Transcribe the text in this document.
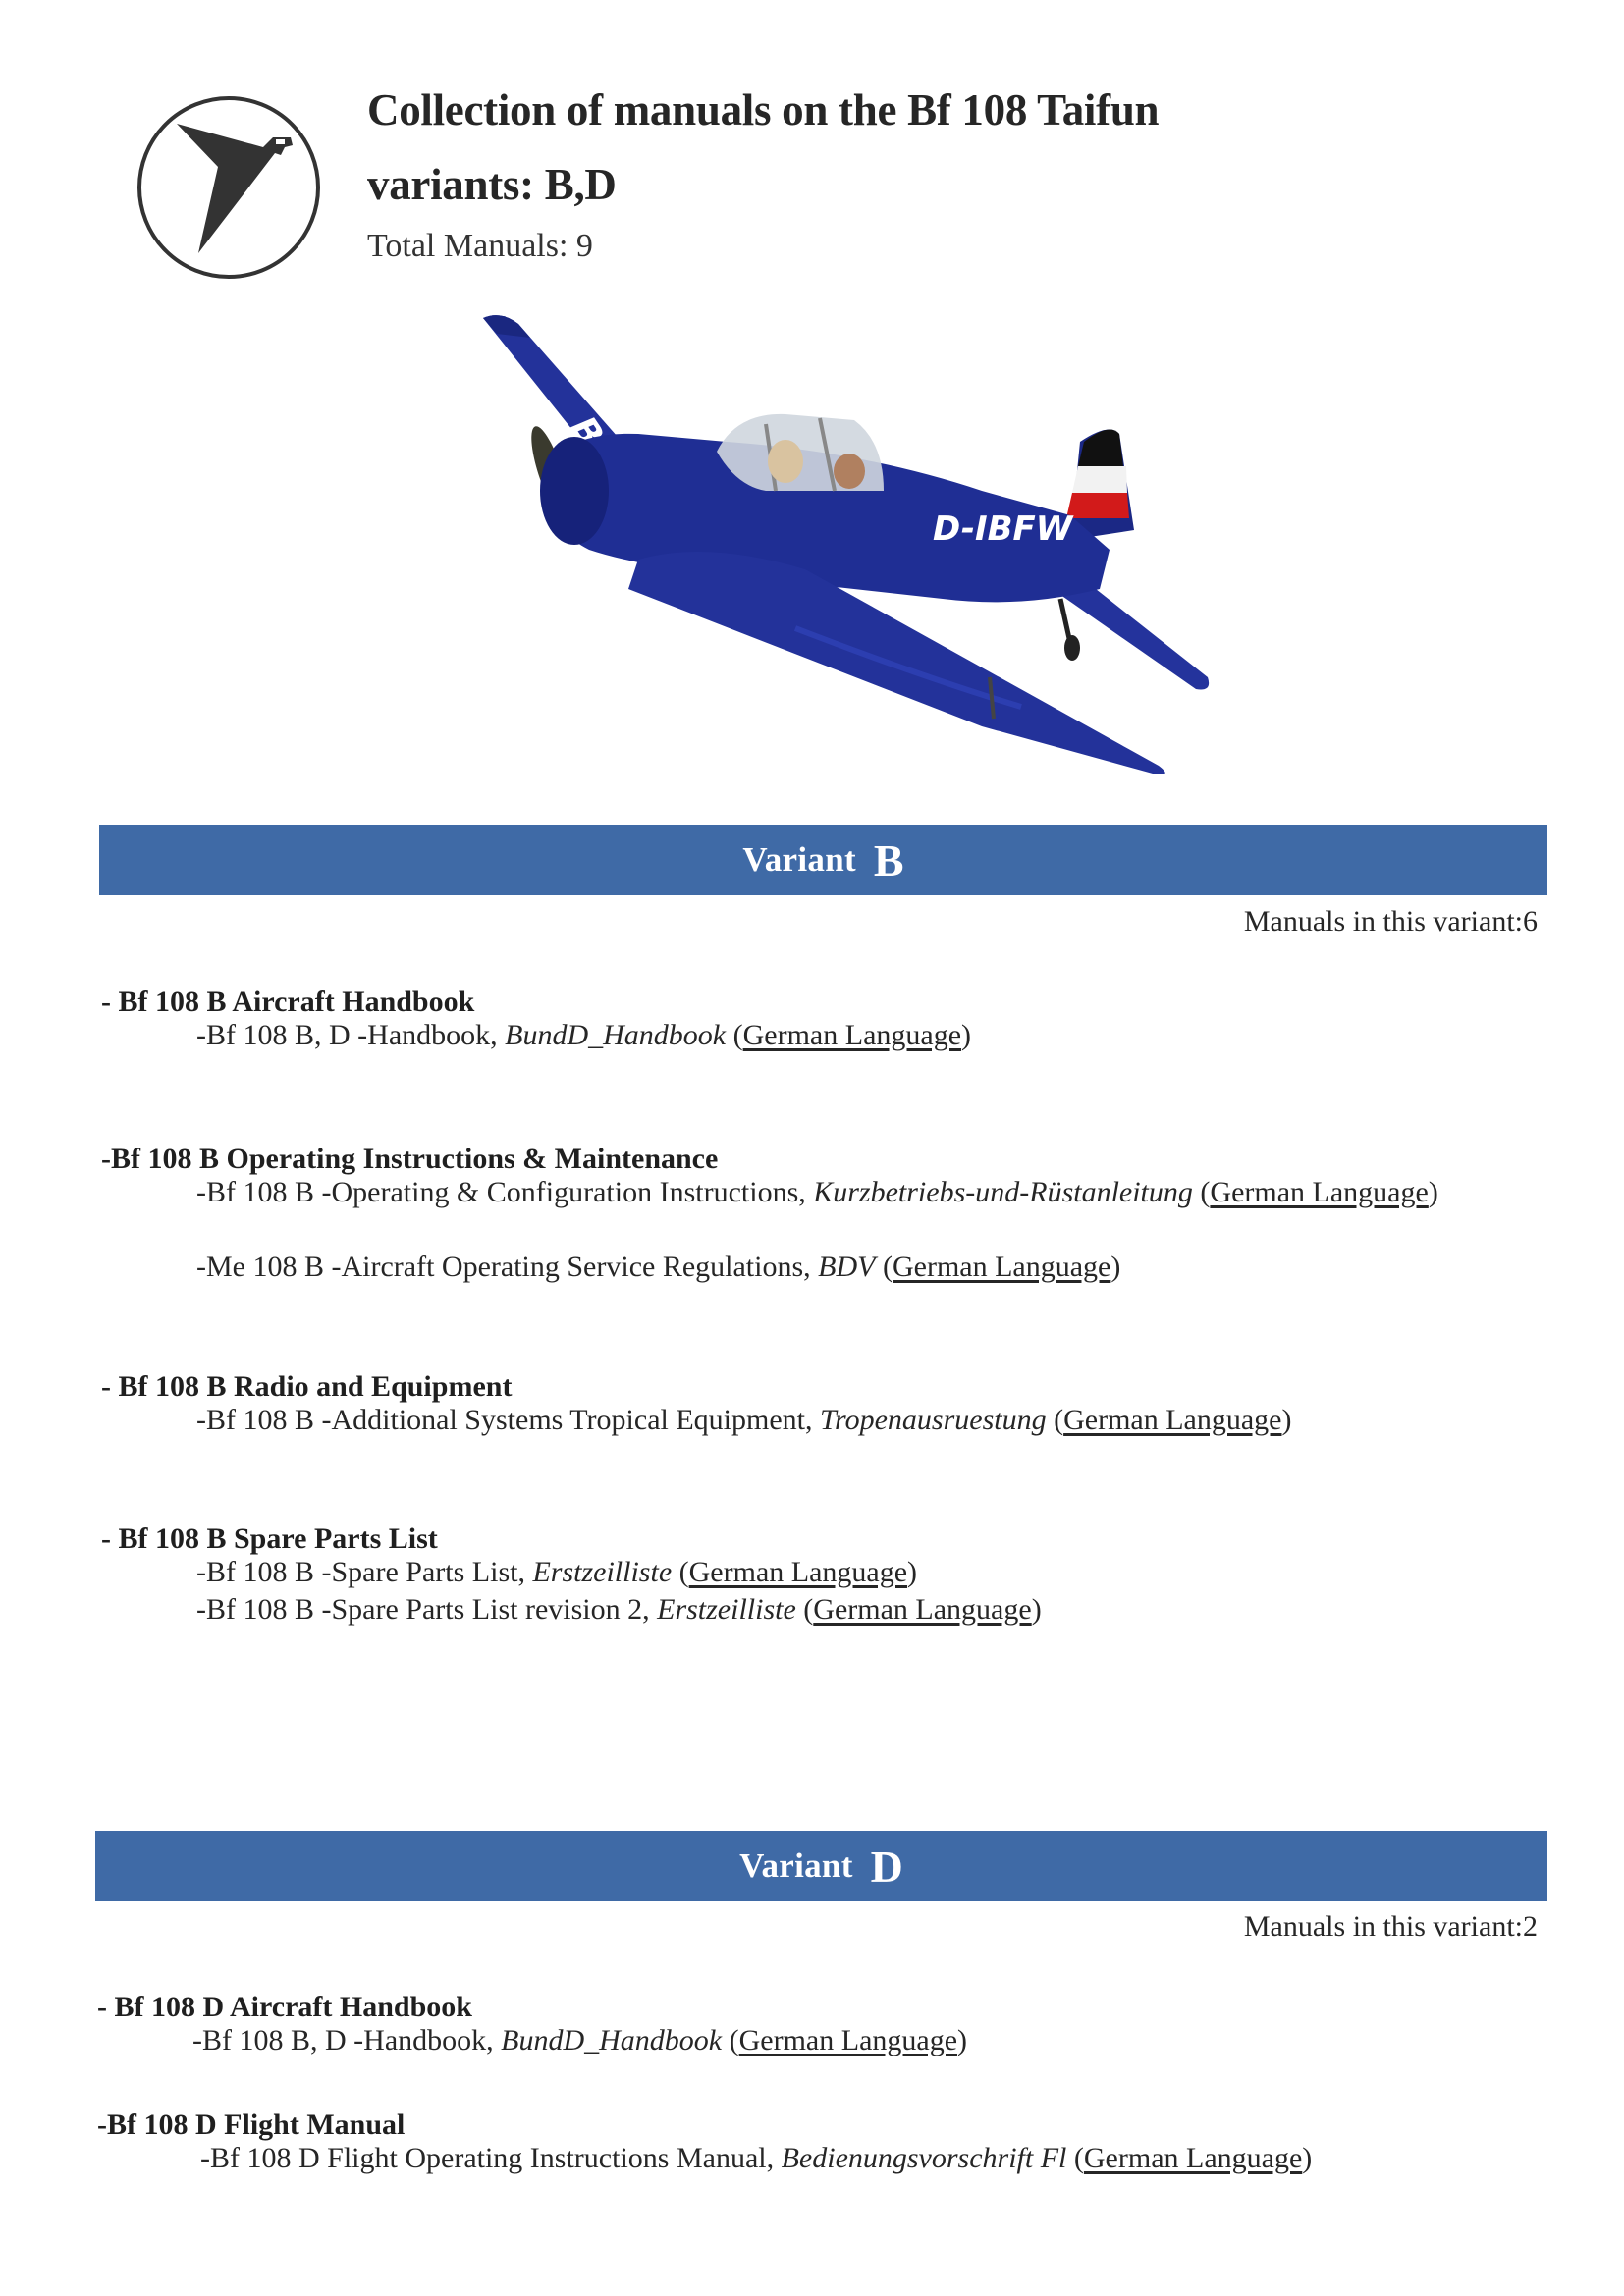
Collection of manuals on the Bf 108 Taifun
variants: B,D
Total Manuals: 9
D-IBFW
Variant B
Manuals in this variant:6
- Bf 108 B Aircraft Handbook
-Bf 108 B, D -Handbook, BundD_Handbook (German Language)
-Bf 108 B Operating Instructions & Maintenance
-Bf 108 B -Operating & Configuration Instructions, Kurzbetriebs-und-Rüstanleitung (German Language)
-Me 108 B -Aircraft Operating Service Regulations, BDV (German Language)
- Bf 108 B Radio and Equipment
-Bf 108 B -Additional Systems Tropical Equipment, Tropenausruestung (German Language)
- Bf 108 B Spare Parts List
-Bf 108 B -Spare Parts List, Erstzeilliste (German Language)
-Bf 108 B -Spare Parts List revision 2, Erstzeilliste (German Language)
Variant D
Manuals in this variant:2
- Bf 108 D Aircraft Handbook
-Bf 108 B, D -Handbook, BundD_Handbook (German Language)
-Bf 108 D Flight Manual
-Bf 108 D Flight Operating Instructions Manual, Bedienungsvorschrift Fl (German Language)
